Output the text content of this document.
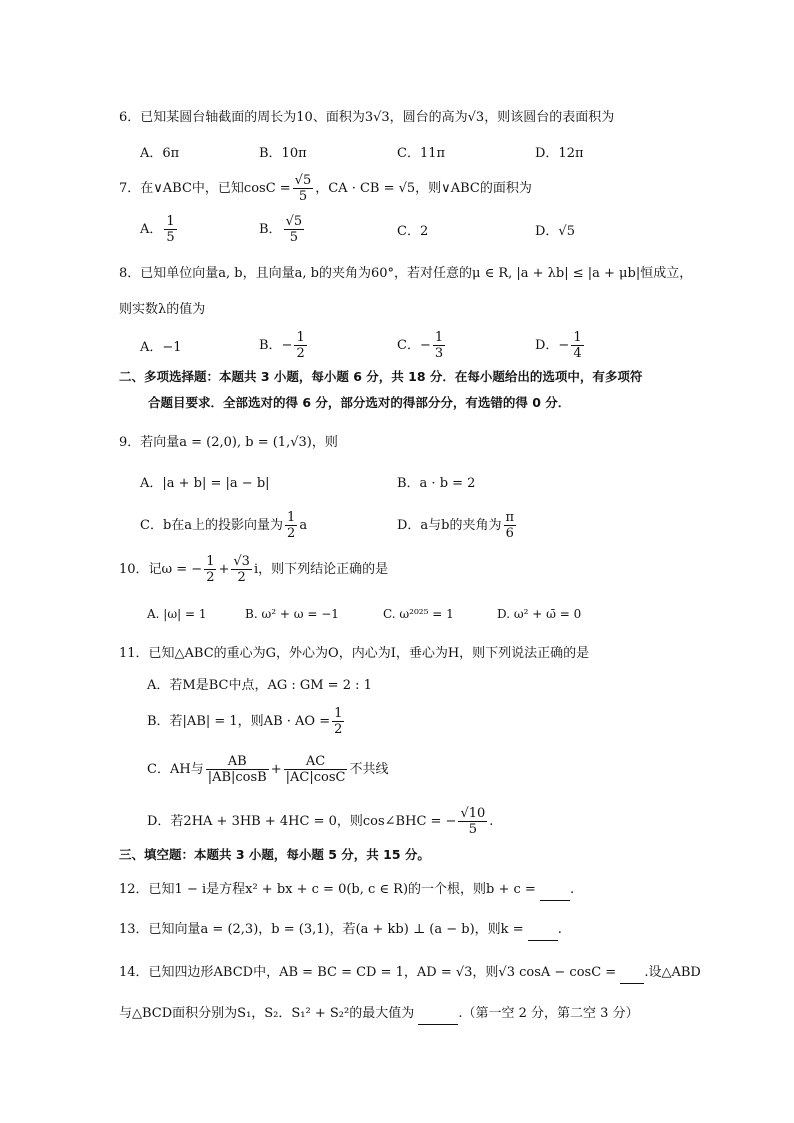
6．已知某圆台轴截面的周长为10、面积为3√3，圆台的高为√3，则该圆台的表面积为
A．6π	B．10π	C．11π	D．12π
7．在∨ABC中，已知$\cos C = \frac{√5}{5}$ ，CA · CB = √5，则∨ABC的面积为
A． $\frac{1}{5}$	B． $\frac{√5}{5}$	C．2	D．√5
8．已知单位向量a, b，且向量a, b的夹角为60°，若对任意的μ ∈ R, |a + λb| ≤ |a + μb|恒成立，
则实数λ的值为
A．−1	B．− $\frac{1}{2}$	C．− $\frac{1}{3}$	D．− $\frac{1}{4}$
二、多项选择题：本题共 3 小题，每小题 6 分，共 18 分．在每小题给出的选项中，有多项符
合题目要求．全部选对的得 6 分，部分选对的得部分分，有选错的得 0 分．
9．若向量a = (2,0), b = (1,√3)，则
A．|a + b| = |a − b|	B．a · b = 2
C．b在a上的投影向量为 $\frac{1}{2}$ a	D．a与b的夹角为 $\frac{\pi}{6}$
10．记ω = − $\frac{1}{2} + \frac{√3}{2}$ i，则下列结论正确的是
A. |ω| = 1	B. ω² + ω = −1	C. ω²⁰²⁵ = 1	D. ω² + ω̄ = 0
11．已知△ABC的重心为G，外心为O，内心为I，垂心为H，则下列说法正确的是
A．若M是BC中点，AG : GM = 2 : 1
B．若|AB| = 1，则AB · AO = $\frac{1}{2}$
C．AH与 $\frac{AB}{|AB|\cos B} + \frac{AC}{|AC|\cos C}$ 不共线
D．若2HA + 3HB + 4HC = 0，则cos∠BHC = − $\frac{√10}{5}$ .
三、填空题：本题共 3 小题，每小题 5 分，共 15 分。
12．已知1 − i是方程x² + bx + c = 0(b, c ∈ R)的一个根，则b + c =	.
13．已知向量a = (2,3)，b = (3,1)，若(a + kb) ⊥ (a − b)，则k =	.
14．已知四边形ABCD中，AB = BC = CD = 1，AD = √3，则√3 cosA − cosC = .设△ABD
与△BCD面积分别为S₁，S₂．S₁² + S₂²的最大值为	.（第一空 2 分，第二空 3 分）
